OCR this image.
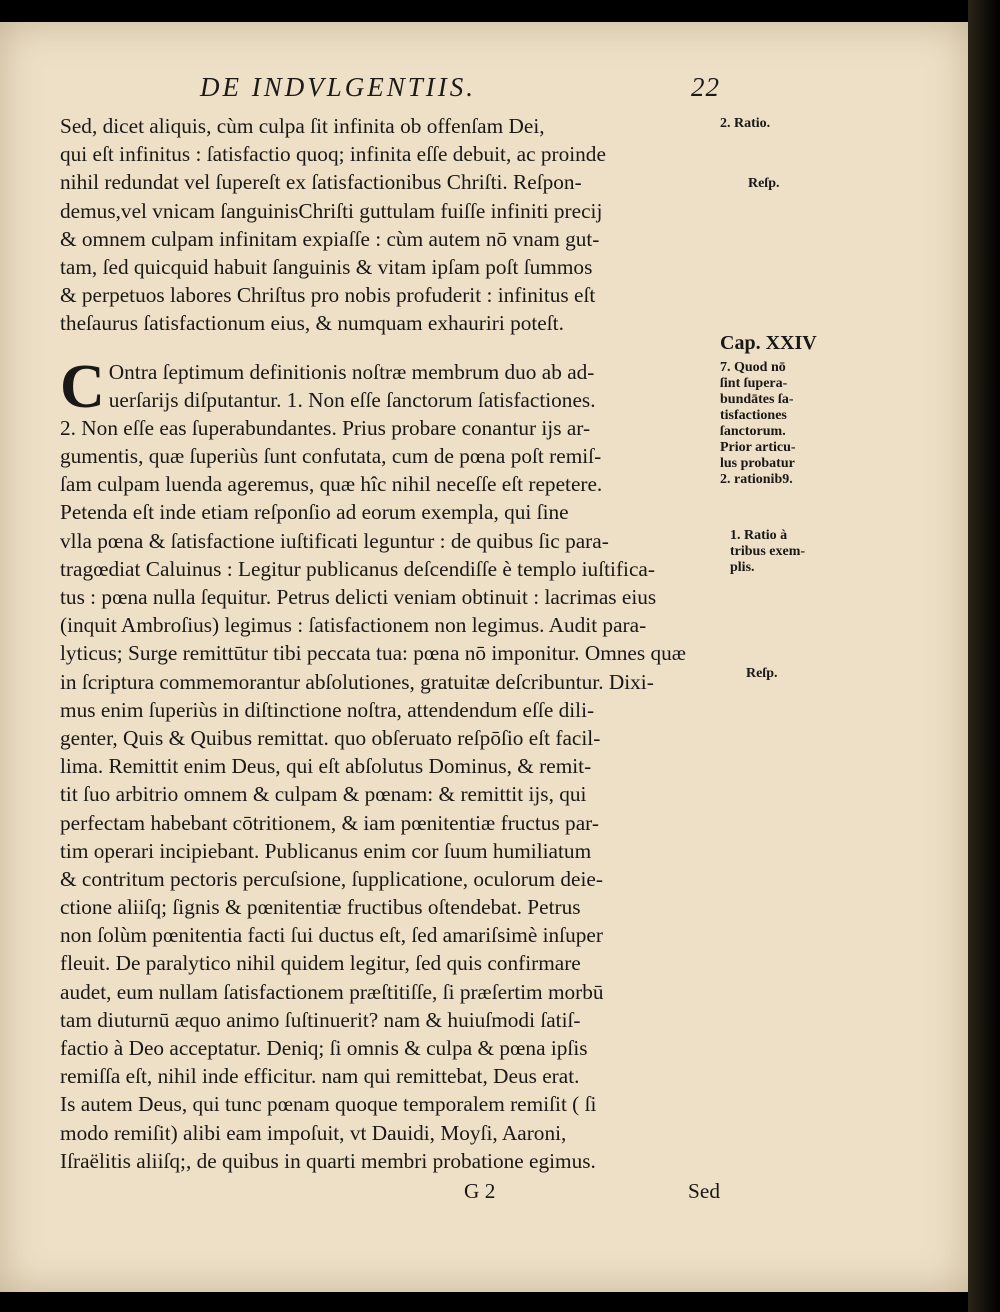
DE INDVLGENTIIS.	22
Sed, dicet aliquis, cùm culpa ſit infinita ob offenſam Dei,
qui eſt infinitus : ſatisfactio quoq; infinita eſſe debuit, ac proinde
nihil redundat vel ſupereſt ex ſatisfactionibus Chriſti. Reſpon-
demus,vel vnicam ſanguinisChriſti guttulam fuiſſe infiniti precij
& omnem culpam infinitam expiaſſe : cùm autem nō vnam gut-
tam, ſed quicquid habuit ſanguinis & vitam ipſam poſt ſummos
& perpetuos labores Chriſtus pro nobis profuderit : infinitus eſt
theſaurus ſatisfactionum eius, & numquam exhauriri poteſt.
C Ontra ſeptimum definitionis noſtræ membrum duo ab ad-
uerſarijs diſputantur. 1. Non eſſe ſanctorum ſatisfactiones.
2. Non eſſe eas ſuperabundantes. Prius probare conantur ijs ar-
gumentis, quæ ſuperiùs ſunt confutata, cum de pœna poſt remiſ-
ſam culpam luenda ageremus, quæ hîc nihil neceſſe eſt repetere.
Petenda eſt inde etiam reſponſio ad eorum exempla, qui ſine
vlla pœna & ſatisfactione iuſtificati leguntur : de quibus ſic para-
tragœdiat Caluinus : Legitur publicanus deſcendiſſe è templo iuſtifica-
tus : pœna nulla ſequitur. Petrus delicti veniam obtinuit : lacrimas eius
(inquit Ambroſius) legimus : ſatisfactionem non legimus. Audit para-
lyticus; Surge remittūtur tibi peccata tua: pœna nō imponitur. Omnes quæ
in ſcriptura commemorantur abſolutiones, gratuitæ deſcribuntur. Dixi-
mus enim ſuperiùs in diſtinctione noſtra, attendendum eſſe dili-
genter, Quis & Quibus remittat. quo obſeruato reſpōſio eſt facil-
lima. Remittit enim Deus, qui eſt abſolutus Dominus, & remit-
tit ſuo arbitrio omnem & culpam & pœnam: & remittit ijs, qui
perfectam habebant cōtritionem, & iam pœnitentiæ fructus par-
tim operari incipiebant. Publicanus enim cor ſuum humiliatum
& contritum pectoris percuſsione, ſupplicatione, oculorum deie-
ctione aliiſq; ſignis & pœnitentiæ fructibus oſtendebat. Petrus
non ſolùm pœnitentia facti ſui ductus eſt, ſed amariſsimè inſuper
fleuit. De paralytico nihil quidem legitur, ſed quis confirmare
audet, eum nullam ſatisfactionem præſtitiſſe, ſi præſertim morbū
tam diuturnū æquo animo ſuſtinuerit? nam & huiuſmodi ſatiſ-
factio à Deo acceptatur. Deniq; ſi omnis & culpa & pœna ipſis
remiſſa eſt, nihil inde efficitur. nam qui remittebat, Deus erat.
Is autem Deus, qui tunc pœnam quoque temporalem remiſit ( ſi
modo remiſit) alibi eam impoſuit, vt Dauidi, Moyſi, Aaroni,
Iſraëlitis aliiſq;, de quibus in quarti membri probatione egimus.
G 2	Sed
2. Ratio.
Reſp.
Cap. XXIV
7. Quod nō
ſint ſupera-
bundātes ſa-
tisfactiones
ſanctorum.
Prior articu-
lus probatur
2. rationib9.
1. Ratio à
tribus exem-
plis.
Reſp.
